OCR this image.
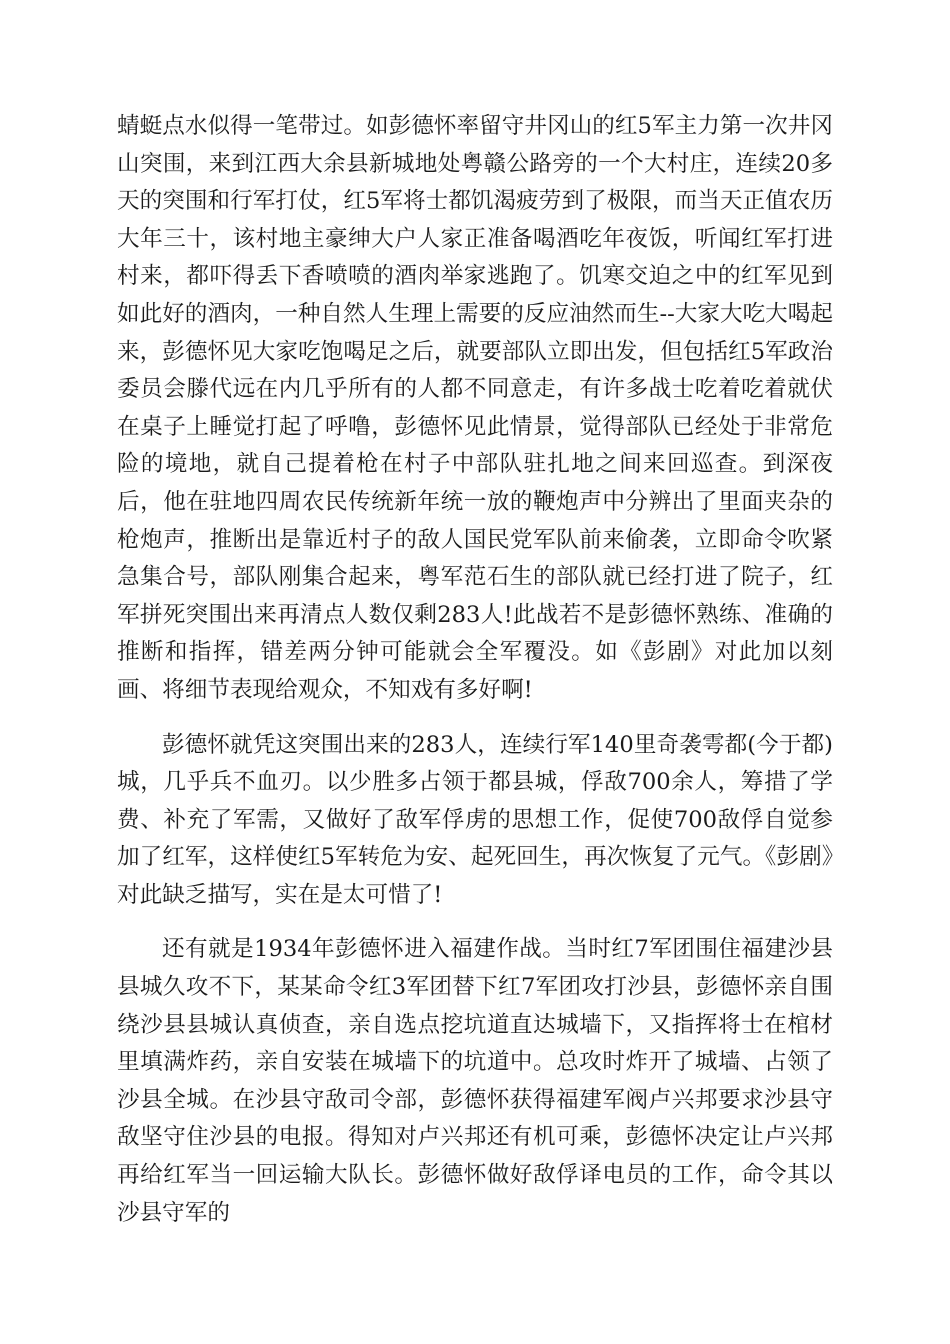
蜻蜓点水似得一笔带过。如彭德怀率留守井冈山的红5军主力第一次井冈山突围，来到江西大余县新城地处粤赣公路旁的一个大村庄，连续20多天的突围和行军打仗，红5军将士都饥渴疲劳到了极限，而当天正值农历大年三十，该村地主豪绅大户人家正准备喝酒吃年夜饭，听闻红军打进村来，都吓得丢下香喷喷的酒肉举家逃跑了。饥寒交迫之中的红军见到如此好的酒肉，一种自然人生理上需要的反应油然而生--大家大吃大喝起来，彭德怀见大家吃饱喝足之后，就要部队立即出发，但包括红5军政治委员会滕代远在内几乎所有的人都不同意走，有许多战士吃着吃着就伏在桌子上睡觉打起了呼噜，彭德怀见此情景，觉得部队已经处于非常危险的境地，就自己提着枪在村子中部队驻扎地之间来回巡查。到深夜后，他在驻地四周农民传统新年统一放的鞭炮声中分辨出了里面夹杂的枪炮声，推断出是靠近村子的敌人国民党军队前来偷袭，立即命令吹紧急集合号，部队刚集合起来，粤军范石生的部队就已经打进了院子，红军拼死突围出来再清点人数仅剩283人!此战若不是彭德怀熟练、准确的推断和指挥，错差两分钟可能就会全军覆没。如《彭剧》对此加以刻画、将细节表现给观众，不知戏有多好啊!

彭德怀就凭这突围出来的283人，连续行军140里奇袭雩都(今于都)城，几乎兵不血刃。以少胜多占领于都县城，俘敌700余人，筹措了学费、补充了军需，又做好了敌军俘虏的思想工作，促使700敌俘自觉参加了红军，这样使红5军转危为安、起死回生，再次恢复了元气。《彭剧》对此缺乏描写，实在是太可惜了!

还有就是1934年彭德怀进入福建作战。当时红7军团围住福建沙县县城久攻不下，某某命令红3军团替下红7军团攻打沙县，彭德怀亲自围绕沙县县城认真侦查，亲自选点挖坑道直达城墙下，又指挥将士在棺材里填满炸药，亲自安装在城墙下的坑道中。总攻时炸开了城墙、占领了沙县全城。在沙县守敌司令部，彭德怀获得福建军阀卢兴邦要求沙县守敌坚守住沙县的电报。得知对卢兴邦还有机可乘，彭德怀决定让卢兴邦再给红军当一回运输大队长。彭德怀做好敌俘译电员的工作，命令其以沙县守军的
